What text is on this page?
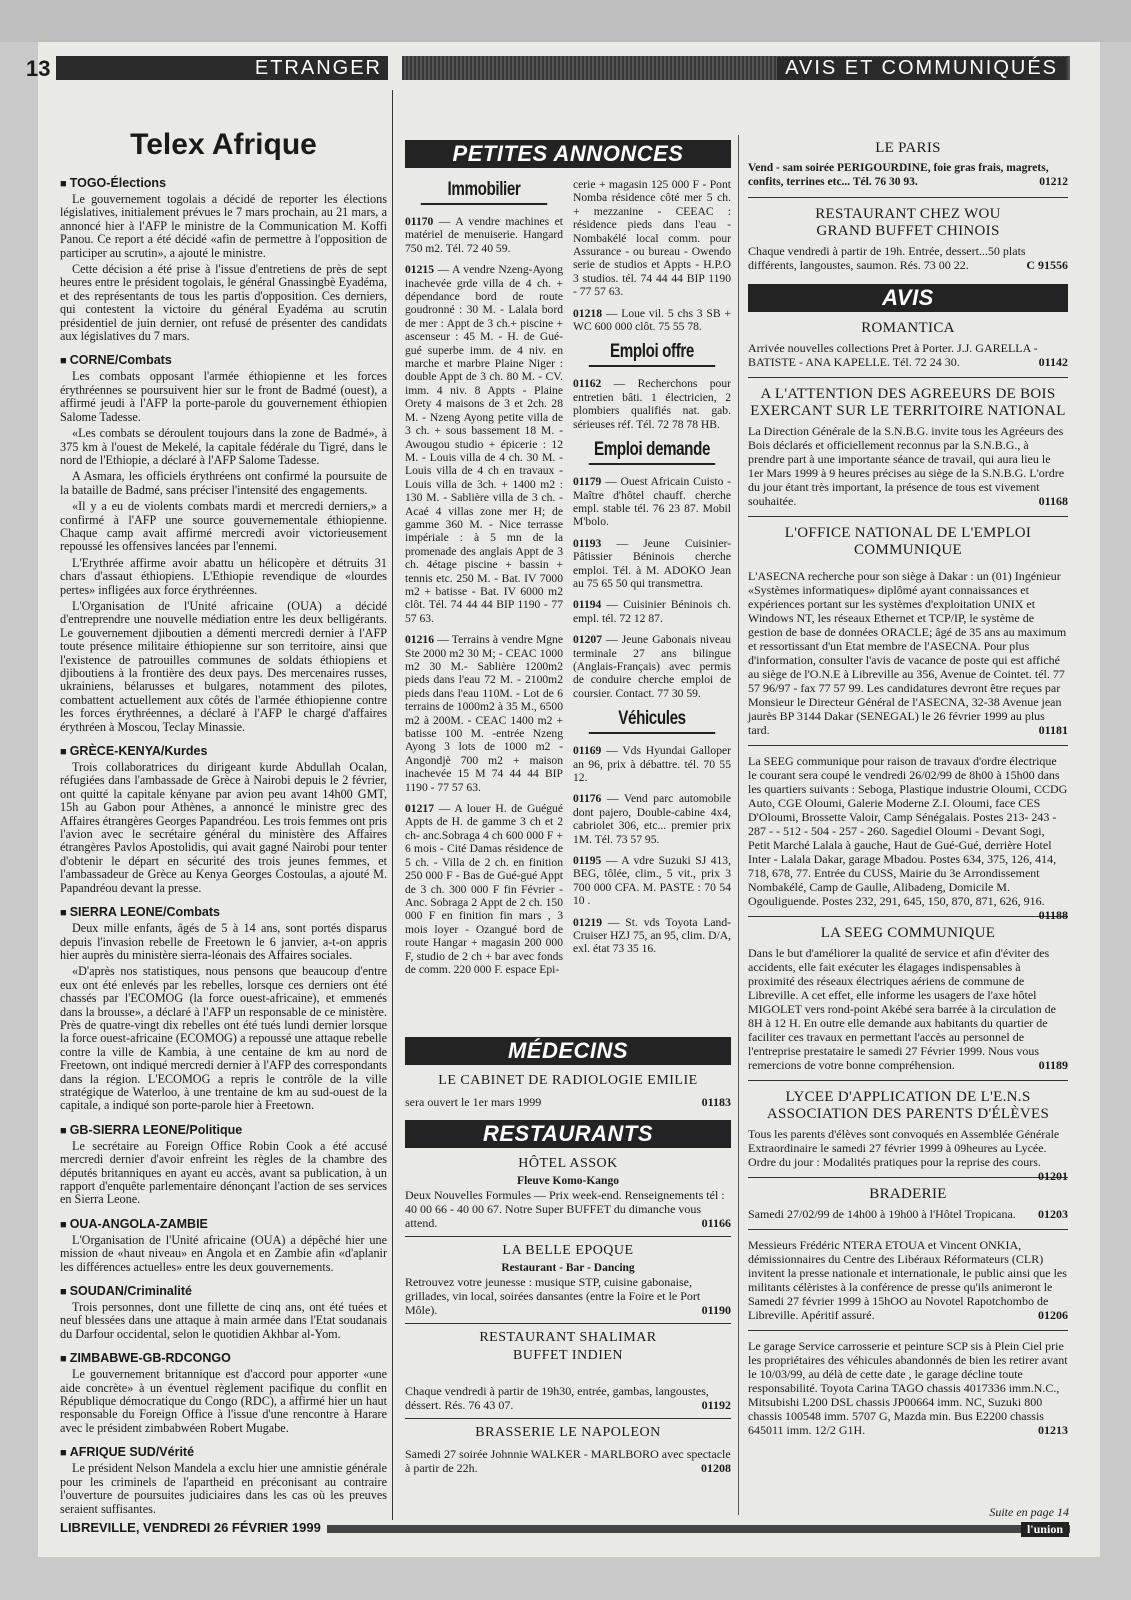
13	ETRANGER	AVIS ET COMMUNIQUÉS
Telex Afrique
■ TOGO-Élections

Le gouvernement togolais a décidé de reporter les élections législatives, initialement prévues le 7 mars prochain, au 21 mars, a annoncé hier à l'AFP le ministre de la Communication M. Koffi Panou. Ce report a été décidé «afin de permettre à l'opposition de participer au scrutin», a ajouté le ministre.

Cette décision a été prise à l'issue d'entretiens de près de sept heures entre le président togolais, le général Gnassingbè Eyadéma, et des représentants de tous les partis d'opposition. Ces derniers, qui contestent la victoire du général Eyadéma au scrutin présidentiel de juin dernier, ont refusé de présenter des candidats aux législatives du 7 mars.

■ CORNE/Combats

Les combats opposant l'armée éthiopienne et les forces érythréennes se poursuivent hier sur le front de Badmé (ouest), a affirmé jeudi à l'AFP la porte-parole du gouvernement éthiopien Salome Tadesse.

«Les combats se déroulent toujours dans la zone de Badmé», à 375 km à l'ouest de Mekelé, la capitale fédérale du Tigré, dans le nord de l'Ethiopie, a déclaré à l'AFP Salome Tadesse.

A Asmara, les officiels érythréens ont confirmé la poursuite de la bataille de Badmé, sans préciser l'intensité des engagements.

«Il y a eu de violents combats mardi et mercredi derniers,» a confirmé à l'AFP une source gouvernementale éthiopienne. Chaque camp avait affirmé mercredi avoir victorieusement repoussé les offensives lancées par l'ennemi.

L'Erythrée affirme avoir abattu un hélicopère et détruits 31 chars d'assaut éthiopiens. L'Ethiopie revendique de «lourdes pertes» infligées aux force érythréennes.

L'Organisation de l'Unité africaine (OUA) a décidé d'entreprendre une nouvelle médiation entre les deux belligérants. Le gouvernement djiboutien a démenti mercredi dernier à l'AFP toute présence militaire éthiopienne sur son territoire, ainsi que l'existence de patrouilles communes de soldats éthiopiens et djiboutiens à la frontière des deux pays. Des mercenaires russes, ukrainiens, bélarusses et bulgares, notamment des pilotes, combattent actuellement aux côtés de l'armée éthiopienne contre les forces érythréennes, a déclaré à l'AFP le chargé d'affaires érythréen à Moscou, Teclay Minassie.

■ GRÈCE-KENYA/Kurdes

Trois collaboratrices du dirigeant kurde Abdullah Ocalan, réfugiées dans l'ambassade de Grèce à Nairobi depuis le 2 février, ont quitté la capitale kényane par avion peu avant 14h00 GMT, 15h au Gabon pour Athènes, a annoncé le ministre grec des Affaires étrangères Georges Papandréou. Les trois femmes ont pris l'avion avec le secrétaire général du ministère des Affaires étrangères Pavlos Apostolidis, qui avait gagné Nairobi pour tenter d'obtenir le départ en sécurité des trois jeunes femmes, et l'ambassadeur de Grèce au Kenya Georges Costoulas, a ajouté M. Papandréou devant la presse.

■ SIERRA LEONE/Combats

Deux mille enfants, âgés de 5 à 14 ans, sont portés disparus depuis l'invasion rebelle de Freetown le 6 janvier, a-t-on appris hier auprès du ministère sierra-léonais des Affaires sociales.

«D'après nos statistiques, nous pensons que beaucoup d'entre eux ont été enlevés par les rebelles, lorsque ces derniers ont été chassés par l'ECOMOG (la force ouest-africaine), et emmenés dans la brousse», a déclaré à l'AFP un responsable de ce ministère. Près de quatre-vingt dix rebelles ont été tués lundi dernier lorsque la force ouest-africaine (ECOMOG) a repoussé une attaque rebelle contre la ville de Kambia, à une centaine de km au nord de Freetown, ont indiqué mercredi dernier à l'AFP des correspondants dans la région. L'ECOMOG a repris le contrôle de la ville stratégique de Waterloo, à une trentaine de km au sud-ouest de la capitale, a indiqué son porte-parole hier à Freetown.

■ GB-SIERRA LEONE/Politique

Le secrétaire au Foreign Office Robin Cook a été accusé mercredi dernier d'avoir enfreint les règles de la chambre des députés britanniques en ayant eu accès, avant sa publication, à un rapport d'enquête parlementaire dénonçant l'action de ses services en Sierra Leone.

■ OUA-ANGOLA-ZAMBIE

L'Organisation de l'Unité africaine (OUA) a dépêché hier une mission de «haut niveau» en Angola et en Zambie afin «d'aplanir les différences actuelles» entre les deux gouvernements.

■ SOUDAN/Criminalité

Trois personnes, dont une fillette de cinq ans, ont été tuées et neuf blessées dans une attaque à main armée dans l'Etat soudanais du Darfour occidental, selon le quotidien Akhbar al-Yom.

■ ZIMBABWE-GB-RDCONGO

Le gouvernement britannique est d'accord pour apporter «une aide concrète» à un éventuel règlement pacifique du conflit en République démocratique du Congo (RDC), a affirmé hier un haut responsable du Foreign Office à l'issue d'une rencontre à Harare avec le président zimbabwéen Robert Mugabe.

■ AFRIQUE SUD/Vérité

Le président Nelson Mandela a exclu hier une amnistie générale pour les criminels de l'apartheid en préconisant au contraire l'ouverture de poursuites judiciaires dans les cas où les preuves seraient suffisantes.

PETITES ANNONCES
Immobilier

01170 — A vendre machines et matériel de menuiserie. Hangard 750 m2. Tél. 72 40 59.

01215 — A vendre Nzeng-Ayong inachevée grde villa de 4 ch. + dépendance bord de route goudronné : 30 M. - Lalala bord de mer : Appt de 3 ch.+ piscine + ascenseur : 45 M. - H. de Gué-gué superbe imm. de 4 niv. en marche et marbre Plaine Niger : double Appt de 3 ch. 80 M. - CV. imm. 4 niv. 8 Appts - Plaine Orety 4 maisons de 3 et 2ch. 28 M. - Nzeng Ayong petite villa de 3 ch. + sous bassement 18 M. - Awougou studio + épicerie : 12 M. - Louis villa de 4 ch. 30 M. - Louis villa de 4 ch en travaux - Louis villa de 3ch. + 1400 m2 : 130 M. - Sablière villa de 3 ch. - Acaé 4 villas zone mer H; de gamme 360 M. - Nice terrasse impériale : à 5 mn de la promenade des anglais Appt de 3 ch. 4étage piscine + bassin + tennis etc. 250 M. - Bat. IV 7000 m2 + batisse - Bat. IV 6000 m2 clôt. Tél. 74 44 44 BIP 1190 - 77 57 63.

01216 — Terrains à vendre Mgne Ste 2000 m2 30 M; - CEAC 1000 m2 30 M.- Sablière 1200m2 pieds dans l'eau 72 M. - 2100m2 pieds dans l'eau 110M. - Lot de 6 terrains de 1000m2 à 35 M., 6500 m2 à 200M. - CEAC 1400 m2 + batisse 100 M. -entrée Nzeng Ayong 3 lots de 1000 m2 - Angondjè 700 m2 + maison inachevée 15 M 74 44 44 BIP 1190 - 77 57 63.

01217 — A louer H. de Guégué Appts de H. de gamme 3 ch et 2 ch- anc.Sobraga 4 ch 600 000 F + 6 mois - Cité Damas résidence de 5 ch. - Villa de 2 ch. en finition 250 000 F - Bas de Gué-gué Appt de 3 ch. 300 000 F fin Février - Anc. Sobraga 2 Appt de 2 ch. 150 000 F en finition fin mars , 3 mois loyer - Ozangué bord de route Hangar + magasin 200 000 F, studio de 2 ch + bar avec fonds de comm. 220 000 F. espace Epi-

cerie + magasin 125 000 F - Pont Nomba résidence côté mer 5 ch. + mezzanine - CEEAC : résidence pieds dans l'eau - Nombakélé local comm. pour Assurance - ou bureau - Owendo serie de studios et Appts - H.P.O 3 studios. tél. 74 44 44 BIP 1190 - 77 57 63.

01218 — Loue vil. 5 chs 3 SB + WC 600 000 clôt. 75 55 78.

Emploi offre

01162 — Recherchons pour entretien bâti. 1 électricien, 2 plombiers qualifiés nat. gab. sérieuses réf. Tél. 72 78 78 HB.

Emploi demande

01179 — Ouest Africain Cuisto -Maître d'hôtel chauff. cherche empl. stable tél. 76 23 87. Mobil M'bolo.

01193 — Jeune Cuisinier-Pâtissier Béninois cherche emploi. Tél. à M. ADOKO Jean au 75 65 50 qui transmettra.

01194 — Cuisinier Béninois ch. empl. tél. 72 12 87.

01207 — Jeune Gabonais niveau terminale 27 ans bilingue (Anglais-Français) avec permis de conduire cherche emploi de coursier. Contact. 77 30 59.

Véhicules

01169 — Vds Hyundai Galloper an 96, prix à débattre. tél. 70 55 12.

01176 — Vend parc automobile dont pajero, Double-cabine 4x4, cabriolet 306, etc... premier prix 1M. Tél. 73 57 95.

01195 — A vdre Suzuki SJ 413, BEG, tôlée, clim., 5 vit., prix 3 700 000 CFA. M. PASTE : 70 54 10 .

01219 — St. vds Toyota Land-Cruiser HZJ 75, an 95, clim. D/A, exl. état 73 35 16.

MÉDECINS
LE CABINET DE RADIOLOGIE EMILIE
01183
sera ouvert le 1er mars 1999
RESTAURANTS
HÔTEL ASSOK
Fleuve Komo-Kango
Deux Nouvelles Formules — Prix week-end. Renseignements tél : 40 00 66 - 40 00 67. Notre Super BUFFET du dimanche vous attend.	01166
LA BELLE EPOQUE
Restaurant - Bar - Dancing
Retrouvez votre jeunesse : musique STP, cuisine gabonaise, grillades, vin local, soirées dansantes (entre la Foire et le Port Môle).	01190
RESTAURANT SHALIMAR
BUFFET INDIEN
Chaque vendredi à partir de 19h30, entrée, gambas, langoustes, déssert. Rés. 76 43 07.	01192
BRASSERIE LE NAPOLEON
Samedi 27 soirée Johnnie WALKER - MARLBORO avec spectacle à partir de 22h.	01208
LE PARIS
Vend - sam soirée PERIGOURDINE, foie gras frais, magrets, confits, terrines etc... Tél. 76 30 93.	01212
RESTAURANT CHEZ WOU
GRAND BUFFET CHINOIS
Chaque vendredi à partir de 19h. Entrée, dessert...50 plats différents, langoustes, saumon. Rés. 73 00 22.	C 91556
AVIS
ROMANTICA
Arrivée nouvelles collections Pret à Porter. J.J. GARELLA - BATISTE - ANA KAPELLE. Tél. 72 24 30.	01142
A L'ATTENTION DES AGREEURS DE BOIS EXERCANT SUR LE TERRITOIRE NATIONAL
La Direction Générale de la S.N.B.G. invite tous les Agréeurs des Bois déclarés et officiellement reconnus par la S.N.B.G., à prendre part à une importante séance de travail, qui aura lieu le 1er Mars 1999 à 9 heures précises au siège de la S.N.B.G. L'ordre du jour étant très important, la présence de tous est vivement souhaitée.	01168
L'OFFICE NATIONAL DE L'EMPLOI
COMMUNIQUE
L'ASECNA recherche pour son siège à Dakar : un (01) Ingénieur «Systèmes informatiques» diplômé ayant connaissances et expériences portant sur les systèmes d'exploitation UNIX et Windows NT, les réseaux Ethernet et TCP/IP, le système de gestion de base de données ORACLE; âgé de 35 ans au maximum et ressortissant d'un Etat membre de l'ASECNA. Pour plus d'information, consulter l'avis de vacance de poste qui est affiché au siège de l'O.N.E à Libreville au 356, Avenue de Cointet. tél. 77 57 96/97 - fax 77 57 99. Les candidatures devront être reçues par Monsieur le Directeur Général de l'ASECNA, 32-38 Avenue jean jaurès BP 3144 Dakar (SENEGAL) le 26 février 1999 au plus tard.	01181
La SEEG communique pour raison de travaux d'ordre électrique le courant sera coupé le vendredi 26/02/99 de 8h00 à 15h00 dans les quartiers suivants : Seboga, Plastique industrie Oloumi, CCDG Auto, CGE Oloumi, Galerie Moderne Z.I. Oloumi, face CES D'Oloumi, Brossette Valoir, Camp Sénégalais. Postes 213- 243 - 287 - - 512 - 504 - 257 - 260. Sagediel Oloumi - Devant Sogi, Petit Marché Lalala à gauche, Haut de Gué-Gué, derrière Hotel Inter - Lalala Dakar, garage Mbadou. Postes 634, 375, 126, 414, 718, 678, 77. Entrée du CUSS, Mairie du 3e Arrondissement Nombakélé, Camp de Gaulle, Alibadeng, Domicile M. Ogouliguende. Postes 232, 291, 645, 150, 870, 871, 626, 916.
01188
LA SEEG COMMUNIQUE
Dans le but d'améliorer la qualité de service et afin d'éviter des accidents, elle fait exécuter les élagages indispensables à proximité des réseaux électriques aériens de commune de Libreville. A cet effet, elle informe les usagers de l'axe hôtel MIGOLET vers rond-point Akébé sera barrée à la circulation de 8H à 12 H. En outre elle demande aux habitants du quartier de faciliter ces travaux en permettant l'accès au personnel de l'entreprise prestataire le samedi 27 Février 1999. Nous vous remercions de votre bonne compréhension.	01189
LYCEE D'APPLICATION DE L'E.N.S
ASSOCIATION DES PARENTS D'ÉLÈVES
Tous les parents d'élèves sont convoqués en Assemblée Générale Extraordinaire le samedi 27 février 1999 à 09heures au Lycée. Ordre du jour : Modalités pratiques pour la reprise des cours.
01201
BRADERIE
Samedi 27/02/99 de 14h00 à 19h00 à l'Hôtel Tropicana. 01203
Messieurs Frédéric NTERA ETOUA et Vincent ONKIA, démissionnaires du Centre des Libéraux Réformateurs (CLR) invitent la presse nationale et internationale, le public ainsi que les militants célèristes à la conférence de presse qu'ils animeront le Samedi 27 février 1999 à 15hOO au Novotel Rapotchombo de Libreville. Apéritif assuré.	01206
Le garage Service carrosserie et peinture SCP sis à Plein Ciel prie les propriétaires des véhicules abandonnés de bien les retirer avant le 10/03/99, au délà de cette date , le garage décline toute responsabilité. Toyota Carina TAGO chassis 4017336 imm.N.C., Mitsubishi L200 DSL chassis JP00664 imm. NC, Suzuki 800 chassis 100548 imm. 5707 G, Mazda min. Bus E2200 chassis 645011 imm. 12/2 G1H.	01213
Suite en page 14
LIBREVILLE, VENDREDI 26 FÉVRIER 1999	l'union
